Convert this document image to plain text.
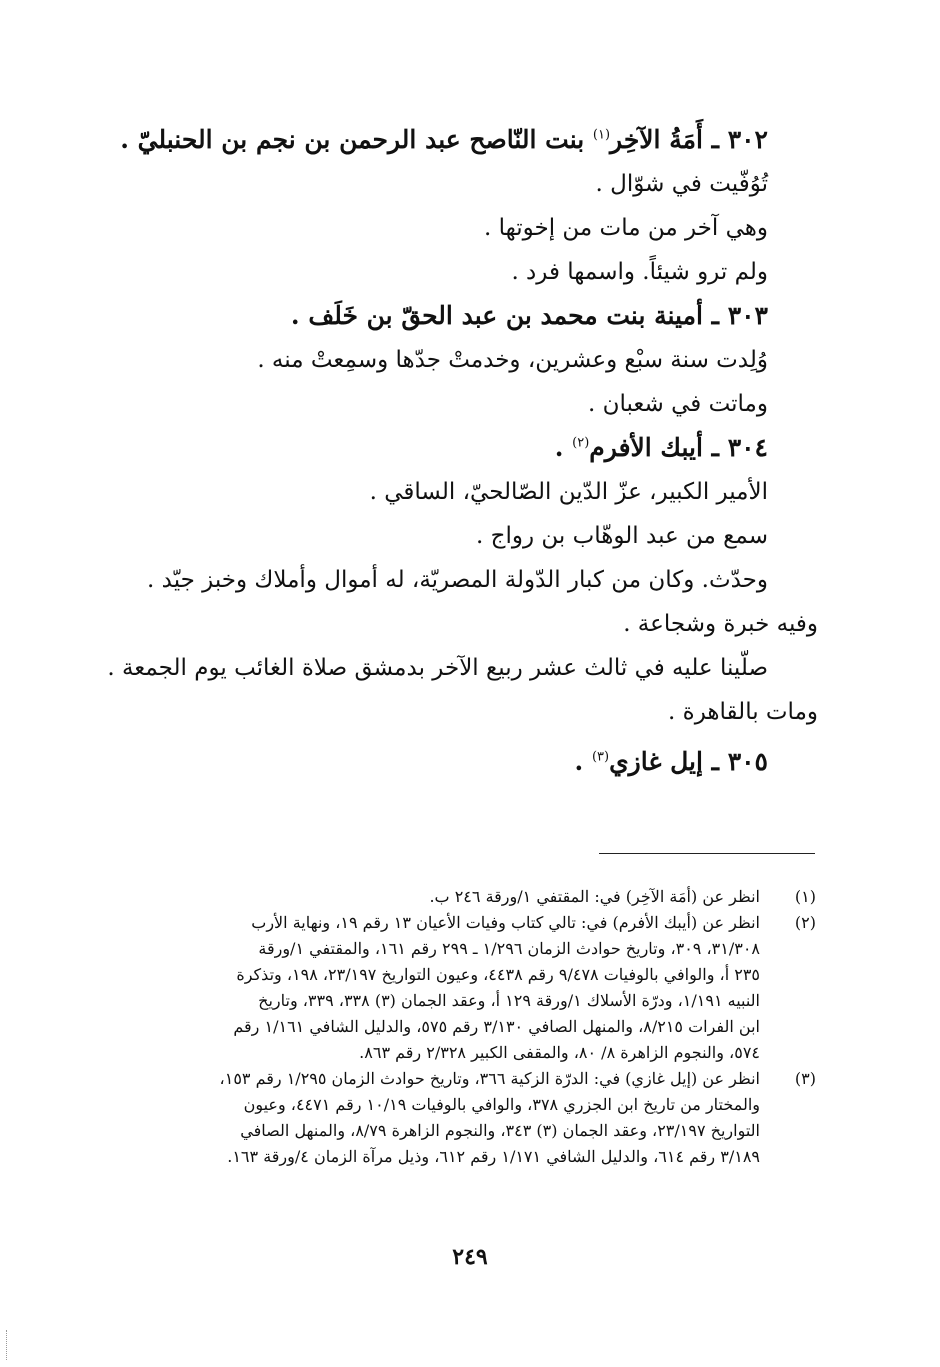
٣٠٢ ـ أَمَةُ الآخِر$^{(١)}$ بنت النّاصح عبد الرحمن بن نجم بن الحنبليّ .
تُوُفّيت في شوّال .
وهي آخر من مات من إخوتها .
ولم ترو شيئاً. واسمها فرد .
٣٠٣ ـ أمينة بنت محمد بن عبد الحقّ بن خَلَف .
وُلِدت سنة سبْع وعشرين، وخدمتْ جدّها وسمِعتْ منه .
وماتت في شعبان .
٣٠٤ ـ أيبك الأفرم$^{(٢)}$ .
الأمير الكبير، عزّ الدّين الصّالحيّ، الساقي .
سمع من عبد الوهّاب بن رواج .
وحدّث. وكان من كبار الدّولة المصريّة، له أموال وأملاك وخبز جيّد .
وفيه خبرة وشجاعة .
صلّينا عليه في ثالث عشر ربيع الآخر بدمشق صلاة الغائب يوم الجمعة .
ومات بالقاهرة .
٣٠٥ ـ إيل غازي$^{(٣)}$ .
(١)
انظر عن (أمَة الآخِر) في: المقتفي ١/ورقة ٢٤٦ ب.
(٢)
انظر عن (أيبك الأفرم) في: تالي كتاب وفيات الأعيان ١٣ رقم ١٩، ونهاية الأرب
٣١/٣٠٨، ٣٠٩، وتاريخ حوادث الزمان ١/٢٩٦ ـ ٢٩٩ رقم ١٦١، والمقتفي ١/ورقة
٢٣٥ أ، والوافي بالوفيات ٩/٤٧٨ رقم ٤٤٣٨، وعيون التواريخ ٢٣/١٩٧، ١٩٨، وتذكرة
النبيه ١/١٩١، ودرّة الأسلاك ١/ورقة ١٢٩ أ، وعقد الجمان (٣) ٣٣٨، ٣٣٩، وتاريخ
ابن الفرات ٨/٢١٥، والمنهل الصافي ٣/١٣٠ رقم ٥٧٥، والدليل الشافي ١/١٦١ رقم
٥٧٤، والنجوم الزاهرة ٨/ ٨٠، والمقفى الكبير ٢/٣٢٨ رقم ٨٦٣.
(٣)
انظر عن (إيل غازي) في: الدرّة الزكية ٣٦٦، وتاريخ حوادث الزمان ١/٢٩٥ رقم ١٥٣،
والمختار من تاريخ ابن الجزري ٣٧٨، والوافي بالوفيات ١٠/١٩ رقم ٤٤٧١، وعيون
التواريخ ٢٣/١٩٧، وعقد الجمان (٣) ٣٤٣، والنجوم الزاهرة ٨/٧٩، والمنهل الصافي
٣/١٨٩ رقم ٦١٤، والدليل الشافي ١/١٧١ رقم ٦١٢، وذيل مرآة الزمان ٤/ورقة ١٦٣.
٢٤٩
